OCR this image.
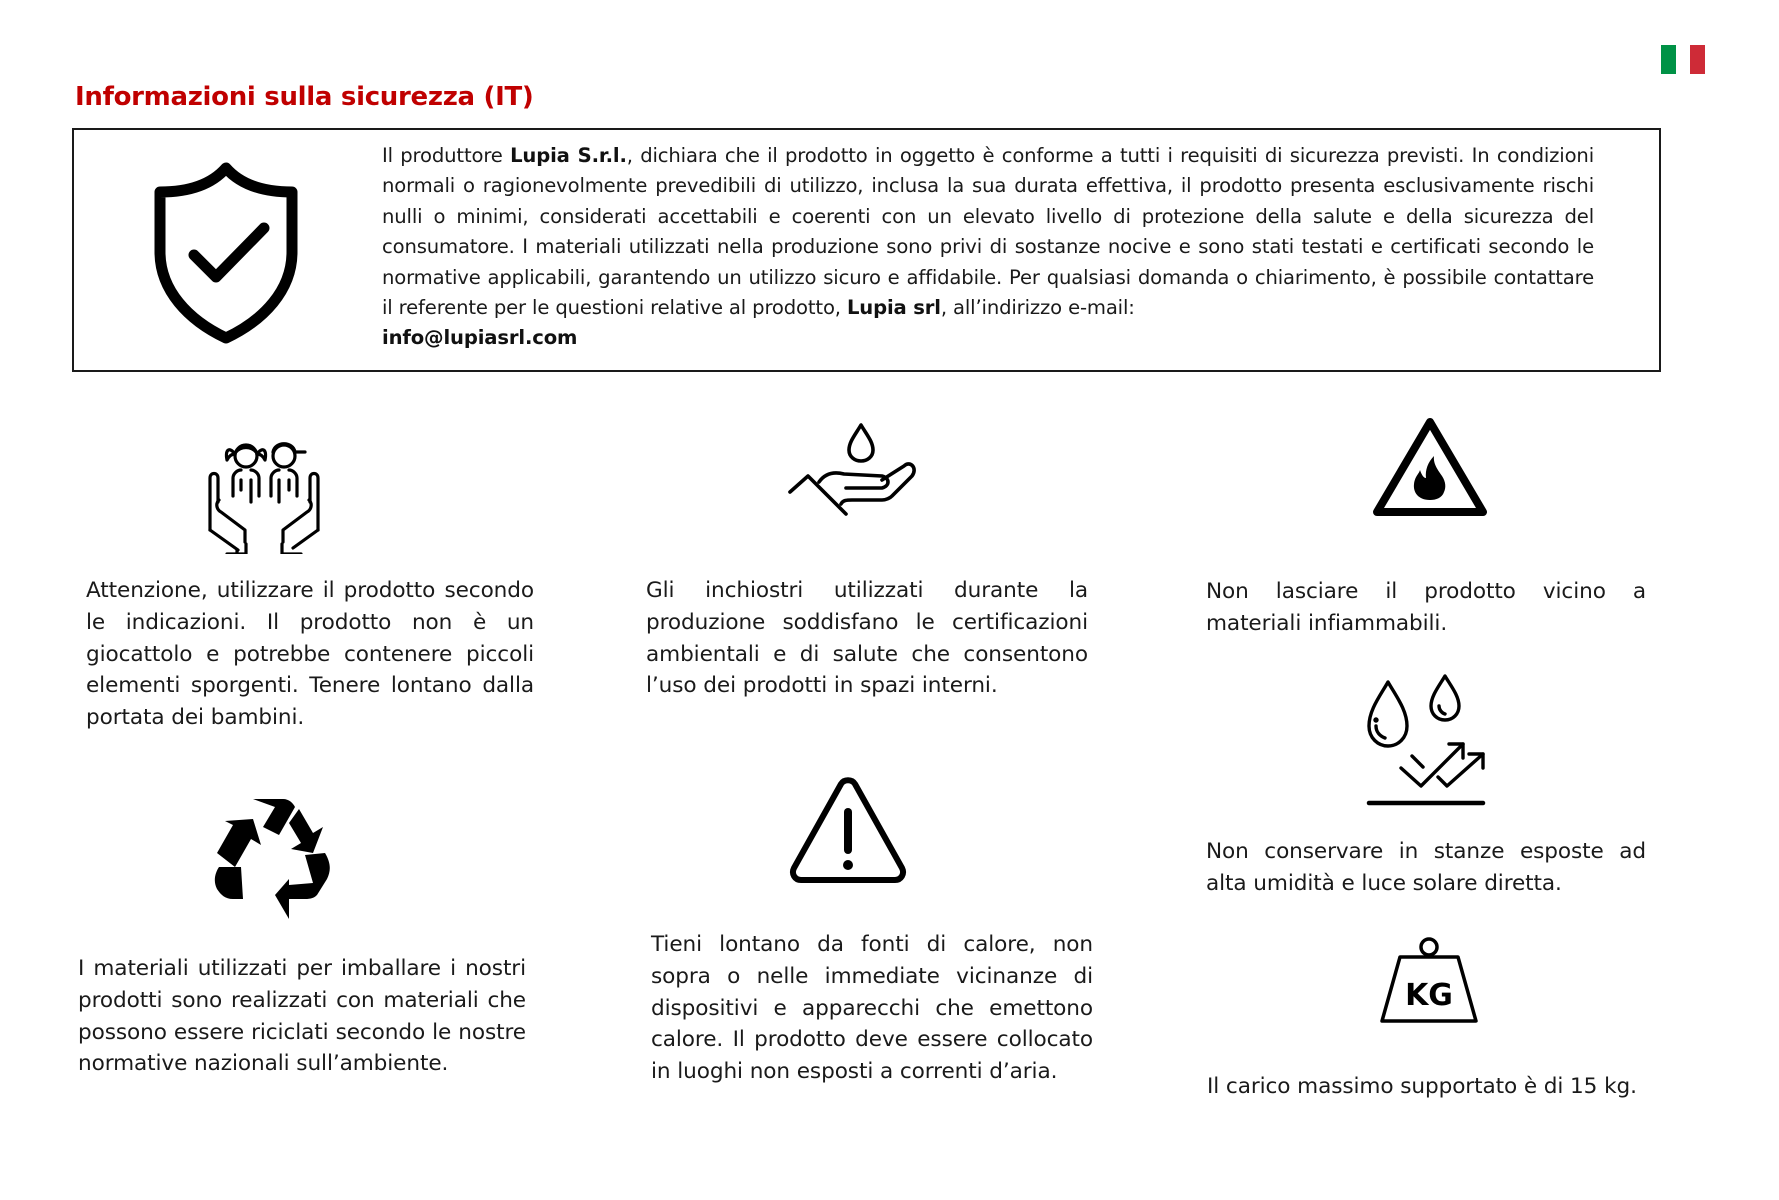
Informazioni sulla sicurezza (IT)
Il produttore Lupia S.r.l., dichiara che il prodotto in oggetto è conforme a tutti i requisiti di sicurezza previsti. In condizioni normali o ragionevolmente prevedibili di utilizzo, inclusa la sua durata effettiva, il prodotto presenta esclusivamente rischi nulli o minimi, considerati accettabili e coerenti con un elevato livello di protezione della salute e della sicurezza del consumatore. I materiali utilizzati nella produzione sono privi di sostanze nocive e sono stati testati e certificati secondo le normative applicabili, garantendo un utilizzo sicuro e affidabile. Per qualsiasi domanda o chiarimento, è possibile contattare il referente per le questioni relative al prodotto, Lupia srl, all’indirizzo e-mail:
info@lupiasrl.com
Attenzione, utilizzare il prodotto secondo le indicazioni. Il prodotto non è un giocattolo e potrebbe contenere piccoli elementi sporgenti. Tenere lontano dalla portata dei bambini.
Gli inchiostri utilizzati durante la produzione soddisfano le certificazioni ambientali e di salute che consentono l’uso dei prodotti in spazi interni.
Non lasciare il prodotto vicino a materiali infiammabili.
Non conservare in stanze esposte ad alta umidità e luce solare diretta.
I materiali utilizzati per imballare i nostri prodotti sono realizzati con materiali che possono essere riciclati secondo le nostre normative nazionali sull’ambiente.
Tieni lontano da fonti di calore, non sopra o nelle immediate vicinanze di dispositivi e apparecchi che emettono calore. Il prodotto deve essere collocato in luoghi non esposti a correnti d’aria.
KG
Il carico massimo supportato è di 15 kg.
